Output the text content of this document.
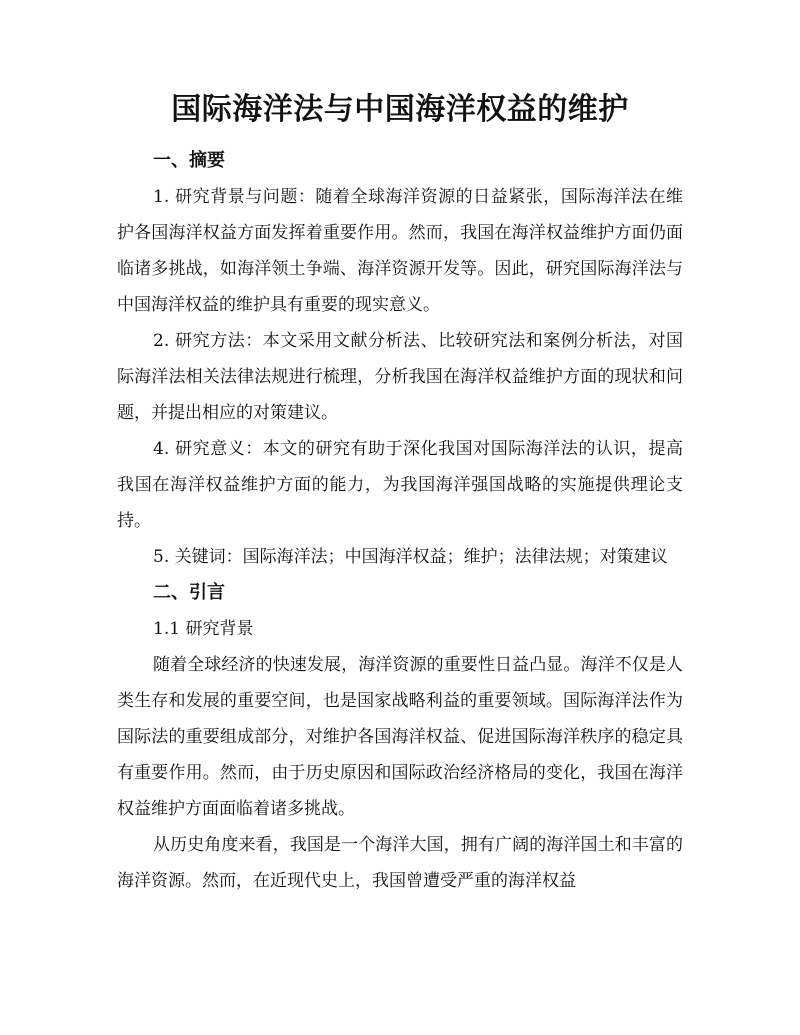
国际海洋法与中国海洋权益的维护
一、摘要

1. 研究背景与问题：随着全球海洋资源的日益紧张，国际海洋法在维护各国海洋权益方面发挥着重要作用。然而，我国在海洋权益维护方面仍面临诸多挑战，如海洋领土争端、海洋资源开发等。因此，研究国际海洋法与中国海洋权益的维护具有重要的现实意义。

2. 研究方法：本文采用文献分析法、比较研究法和案例分析法，对国际海洋法相关法律法规进行梳理，分析我国在海洋权益维护方面的现状和问题，并提出相应的对策建议。

4. 研究意义：本文的研究有助于深化我国对国际海洋法的认识，提高我国在海洋权益维护方面的能力，为我国海洋强国战略的实施提供理论支持。

5. 关键词：国际海洋法；中国海洋权益；维护；法律法规；对策建议

二、引言

1.1 研究背景

随着全球经济的快速发展，海洋资源的重要性日益凸显。海洋不仅是人类生存和发展的重要空间，也是国家战略利益的重要领域。国际海洋法作为国际法的重要组成部分，对维护各国海洋权益、促进国际海洋秩序的稳定具有重要作用。然而，由于历史原因和国际政治经济格局的变化，我国在海洋权益维护方面面临着诸多挑战。

从历史角度来看，我国是一个海洋大国，拥有广阔的海洋国土和丰富的海洋资源。然而，在近现代史上，我国曾遭受严重的海洋权益
